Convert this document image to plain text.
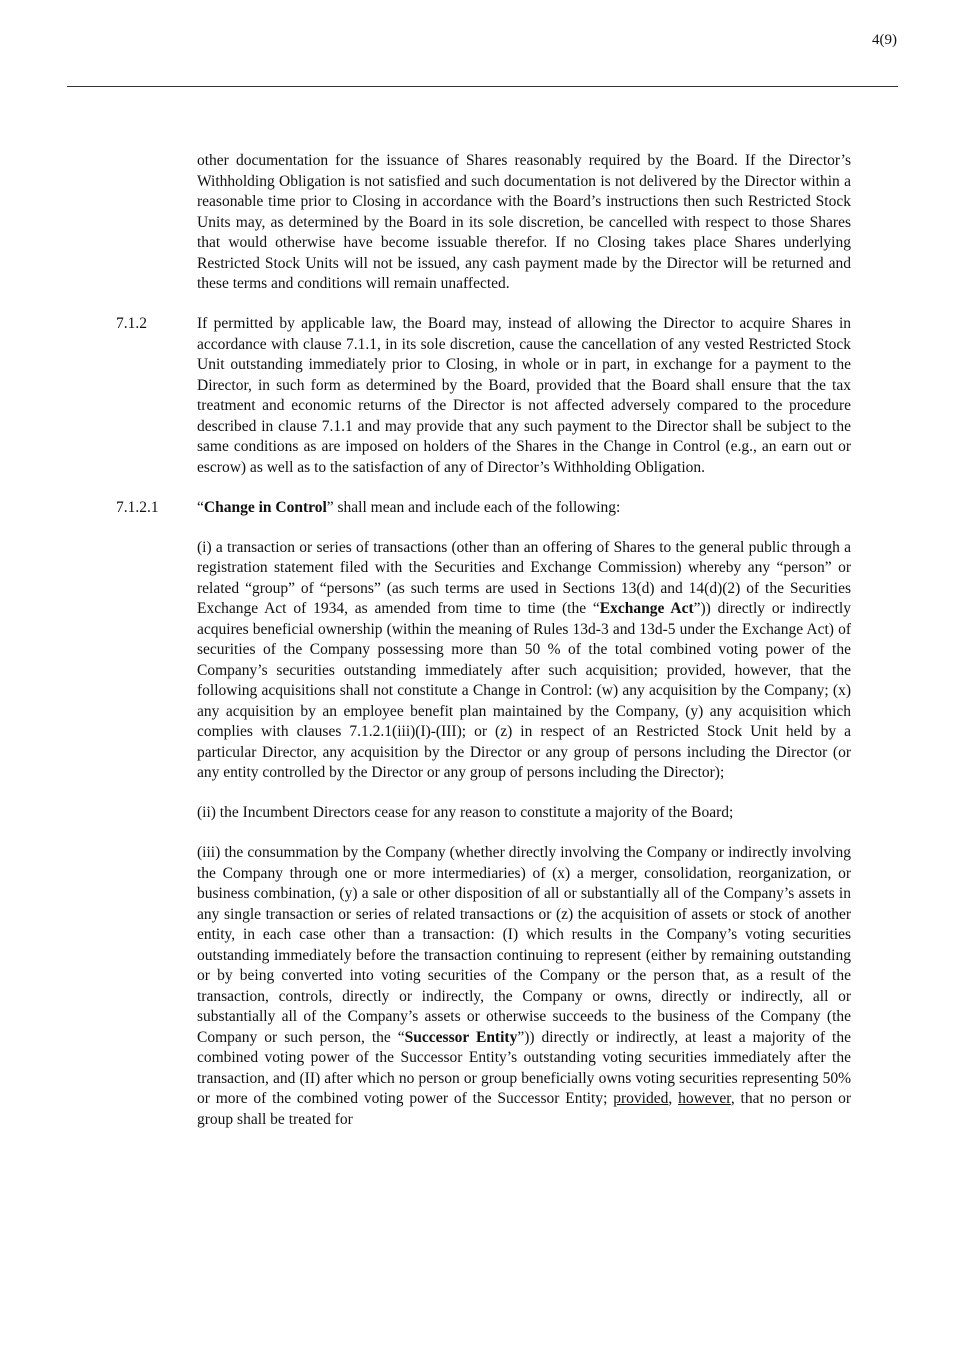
4(9)
other documentation for the issuance of Shares reasonably required by the Board. If the Director’s Withholding Obligation is not satisfied and such documentation is not delivered by the Director within a reasonable time prior to Closing in accordance with the Board’s instructions then such Restricted Stock Units may, as determined by the Board in its sole discretion, be cancelled with respect to those Shares that would otherwise have become issuable therefor. If no Closing takes place Shares underlying Restricted Stock Units will not be issued, any cash payment made by the Director will be returned and these terms and conditions will remain unaffected.
7.1.2	If permitted by applicable law, the Board may, instead of allowing the Director to acquire Shares in accordance with clause 7.1.1, in its sole discretion, cause the cancellation of any vested Restricted Stock Unit outstanding immediately prior to Closing, in whole or in part, in exchange for a payment to the Director, in such form as determined by the Board, provided that the Board shall ensure that the tax treatment and economic returns of the Director is not affected adversely compared to the procedure described in clause 7.1.1 and may provide that any such payment to the Director shall be subject to the same conditions as are imposed on holders of the Shares in the Change in Control (e.g., an earn out or escrow) as well as to the satisfaction of any of Director’s Withholding Obligation.
7.1.2.1	“Change in Control” shall mean and include each of the following:
(i) a transaction or series of transactions (other than an offering of Shares to the general public through a registration statement filed with the Securities and Exchange Commission) whereby any “person” or related “group” of “persons” (as such terms are used in Sections 13(d) and 14(d)(2) of the Securities Exchange Act of 1934, as amended from time to time (the “Exchange Act”)) directly or indirectly acquires beneficial ownership (within the meaning of Rules 13d-3 and 13d-5 under the Exchange Act) of securities of the Company possessing more than 50 % of the total combined voting power of the Company’s securities outstanding immediately after such acquisition; provided, however, that the following acquisitions shall not constitute a Change in Control: (w) any acquisition by the Company; (x) any acquisition by an employee benefit plan maintained by the Company, (y) any acquisition which complies with clauses 7.1.2.1(iii)(I)-(III); or (z) in respect of an Restricted Stock Unit held by a particular Director, any acquisition by the Director or any group of persons including the Director (or any entity controlled by the Director or any group of persons including the Director);
(ii) the Incumbent Directors cease for any reason to constitute a majority of the Board;
(iii) the consummation by the Company (whether directly involving the Company or indirectly involving the Company through one or more intermediaries) of (x) a merger, consolidation, reorganization, or business combination, (y) a sale or other disposition of all or substantially all of the Company’s assets in any single transaction or series of related transactions or (z) the acquisition of assets or stock of another entity, in each case other than a transaction: (I) which results in the Company’s voting securities outstanding immediately before the transaction continuing to represent (either by remaining outstanding or by being converted into voting securities of the Company or the person that, as a result of the transaction, controls, directly or indirectly, the Company or owns, directly or indirectly, all or substantially all of the Company’s assets or otherwise succeeds to the business of the Company (the Company or such person, the “Successor Entity”)) directly or indirectly, at least a majority of the combined voting power of the Successor Entity’s outstanding voting securities immediately after the transaction, and (II) after which no person or group beneficially owns voting securities representing 50% or more of the combined voting power of the Successor Entity; provided, however, that no person or group shall be treated for
